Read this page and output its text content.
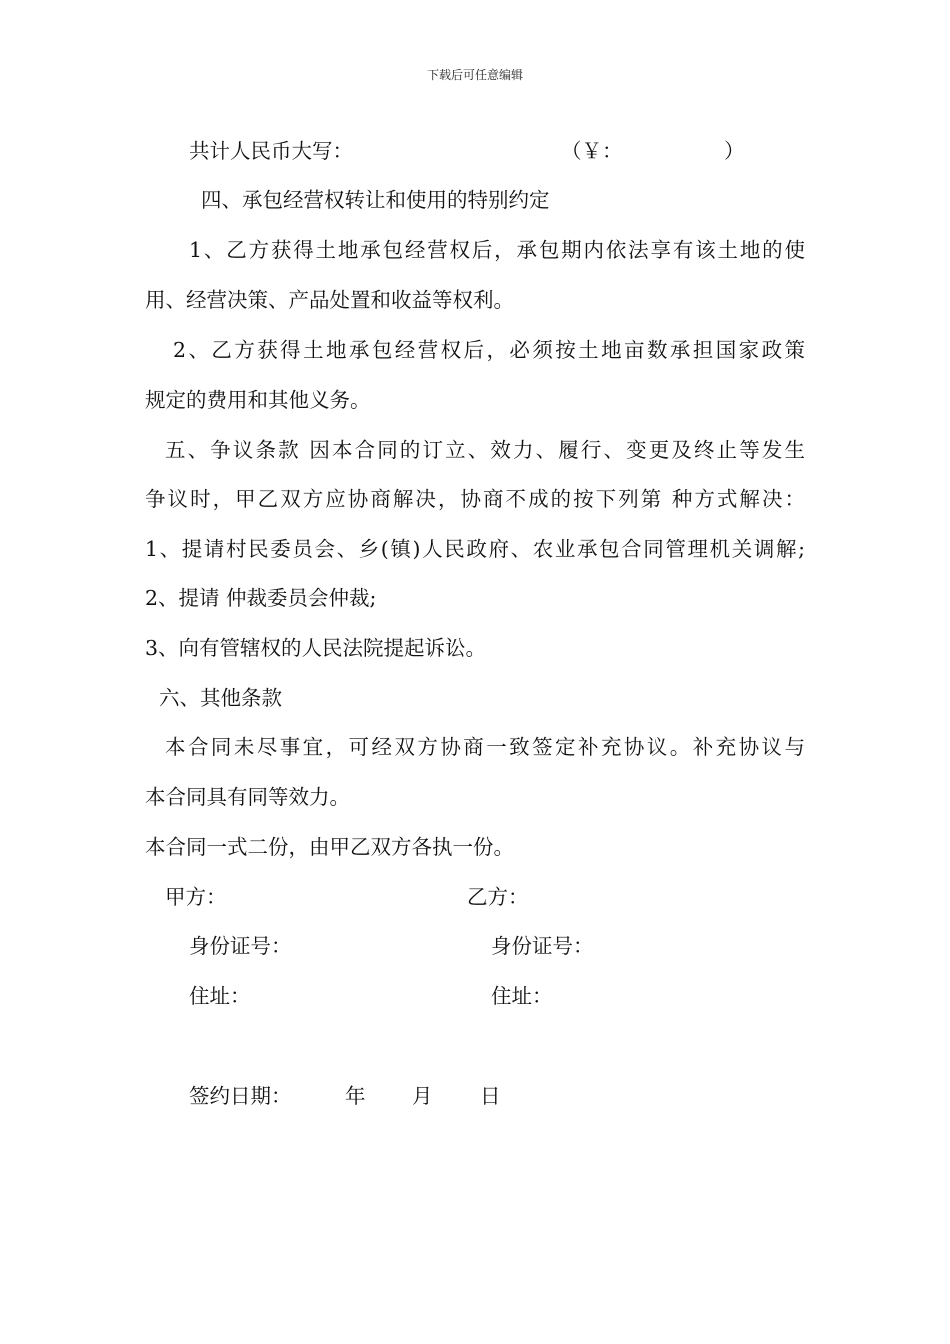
下载后可任意编辑
共计人民币大写：	（￥：	）
四、承包经营权转让和使用的特别约定
1、乙方获得土地承包经营权后，承包期内依法享有该土地的使
用、经营决策、产品处置和收益等权利。
2、乙方获得土地承包经营权后，必须按土地亩数承担国家政策
规定的费用和其他义务。
五、争议条款 因本合同的订立、效力、履行、变更及终止等发生
争议时，甲乙双方应协商解决，协商不成的按下列第 种方式解决：
1、提请村民委员会、乡(镇)人民政府、农业承包合同管理机关调解;
2、提请 仲裁委员会仲裁;
3、向有管辖权的人民法院提起诉讼。
六、其他条款
本合同未尽事宜，可经双方协商一致签定补充协议。补充协议与
本合同具有同等效力。
本合同一式二份，由甲乙双方各执一份。
甲方：	乙方：
身份证号：	身份证号：
住址：	住址：
签约日期：	年 月 日
